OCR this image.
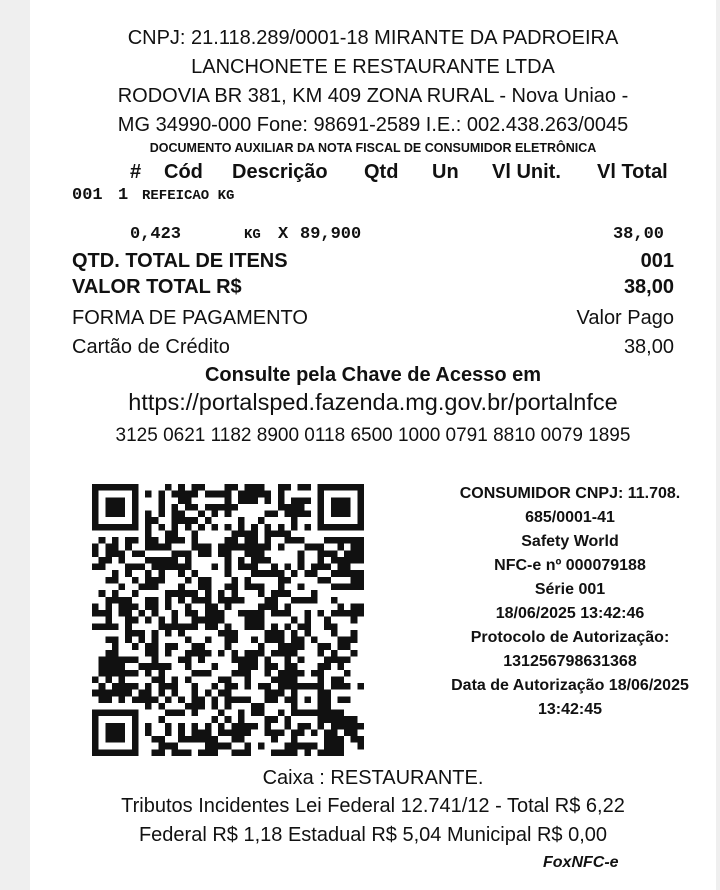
CNPJ: 21.118.289/0001-18 MIRANTE DA PADROEIRA
LANCHONETE E RESTAURANTE LTDA
RODOVIA BR 381, KM 409 ZONA RURAL - Nova Uniao -
MG 34990-000 Fone: 98691-2589 I.E.: 002.438.263/0045
DOCUMENTO AUXILIAR DA NOTA FISCAL DE CONSUMIDOR ELETRÔNICA
# Cód Descrição Qtd Un Vl Unit. Vl Total
001 1 REFEICAO KG
0,423	KG X 89,900	38,00
QTD. TOTAL DE ITENS	001
VALOR TOTAL R$	38,00
FORMA DE PAGAMENTO	Valor Pago
Cartão de Crédito	38,00
Consulte pela Chave de Acesso em
https://portalsped.fazenda.mg.gov.br/portalnfce
3125 0621 1182 8900 0118 6500 1000 0791 8810 0079 1895
CONSUMIDOR CNPJ: 11.708.
685/0001-41
Safety World
NFC-e nº 000079188
Série 001
18/06/2025 13:42:46
Protocolo de Autorização:
131256798631368
Data de Autorização 18/06/2025
13:42:45
Caixa : RESTAURANTE.
Tributos Incidentes Lei Federal 12.741/12 - Total R$ 6,22
Federal R$ 1,18 Estadual R$ 5,04 Municipal R$ 0,00
FoxNFC-e
